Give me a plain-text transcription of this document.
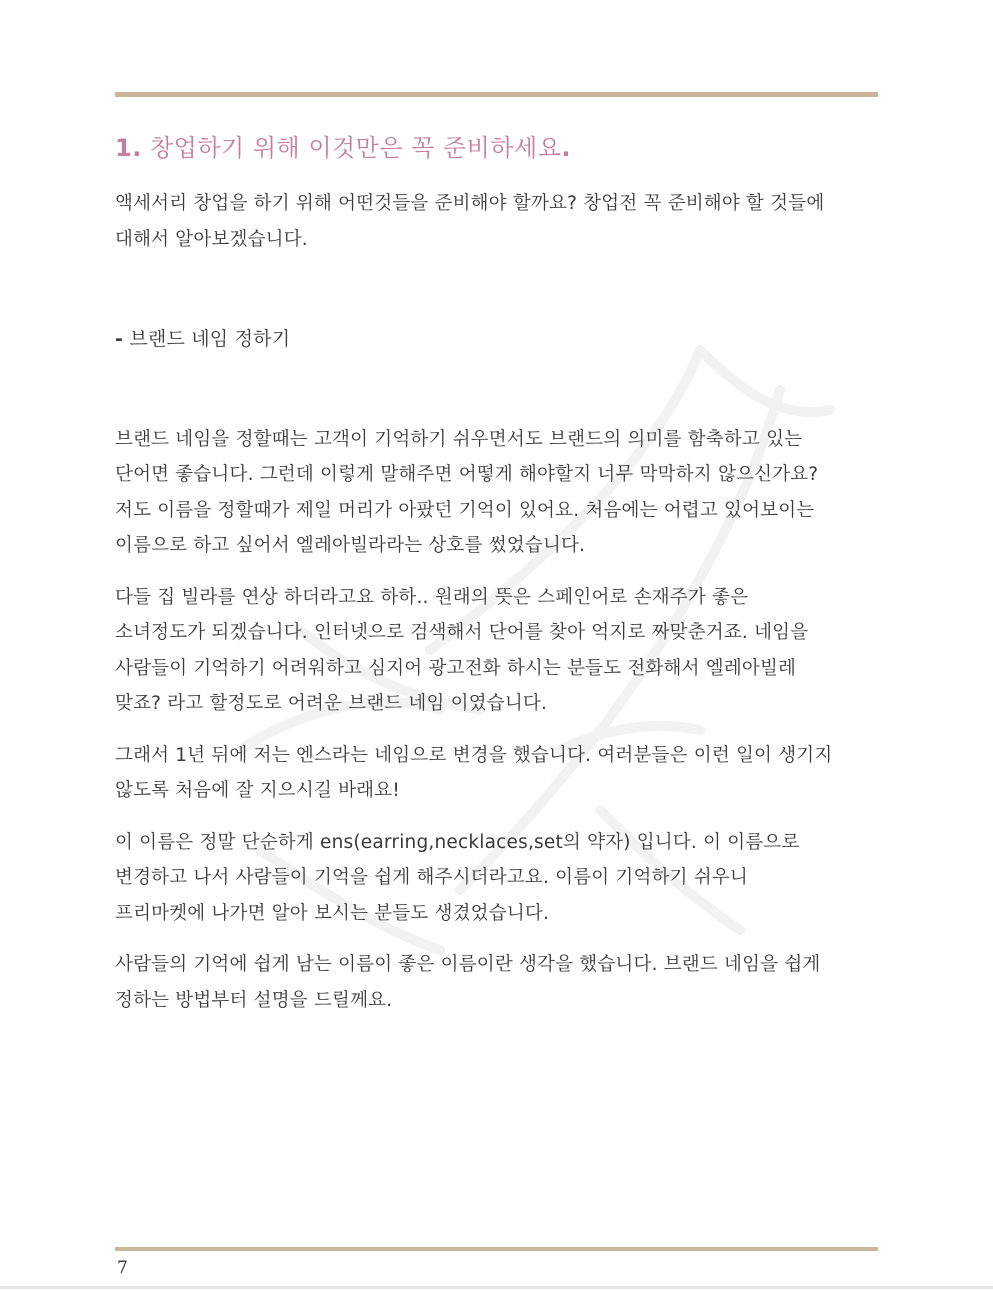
1. 창업하기 위해 이것만은 꼭 준비하세요.

액세서리 창업을 하기 위해 어떤것들을 준비해야 할까요? 창업전 꼭 준비해야 할 것들에
대해서 알아보겠습니다.

- 브랜드 네임 정하기

브랜드 네임을 정할때는 고객이 기억하기 쉬우면서도 브랜드의 의미를 함축하고 있는
단어면 좋습니다. 그런데 이렇게 말해주면 어떻게 해야할지 너무 막막하지 않으신가요?
저도 이름을 정할때가 제일 머리가 아팠던 기억이 있어요. 처음에는 어렵고 있어보이는
이름으로 하고 싶어서 엘레아빌라라는 상호를 썼었습니다.

다들 집 빌라를 연상 하더라고요 하하.. 원래의 뜻은 스페인어로 손재주가 좋은
소녀정도가 되겠습니다. 인터넷으로 검색해서 단어를 찾아 억지로 짜맞춘거죠. 네임을
사람들이 기억하기 어려워하고 심지어 광고전화 하시는 분들도 전화해서 엘레아빌레
맞죠? 라고 할정도로 어려운 브랜드 네임 이였습니다.

그래서 1년 뒤에 저는 엔스라는 네임으로 변경을 했습니다. 여러분들은 이런 일이 생기지
않도록 처음에 잘 지으시길 바래요!

이 이름은 정말 단순하게 ens(earring,necklaces,set의 약자) 입니다. 이 이름으로
변경하고 나서 사람들이 기억을 쉽게 해주시더라고요. 이름이 기억하기 쉬우니
프리마켓에 나가면 알아 보시는 분들도 생겼었습니다.

사람들의 기억에 쉽게 남는 이름이 좋은 이름이란 생각을 했습니다. 브랜드 네임을 쉽게
정하는 방법부터 설명을 드릴께요.

7
